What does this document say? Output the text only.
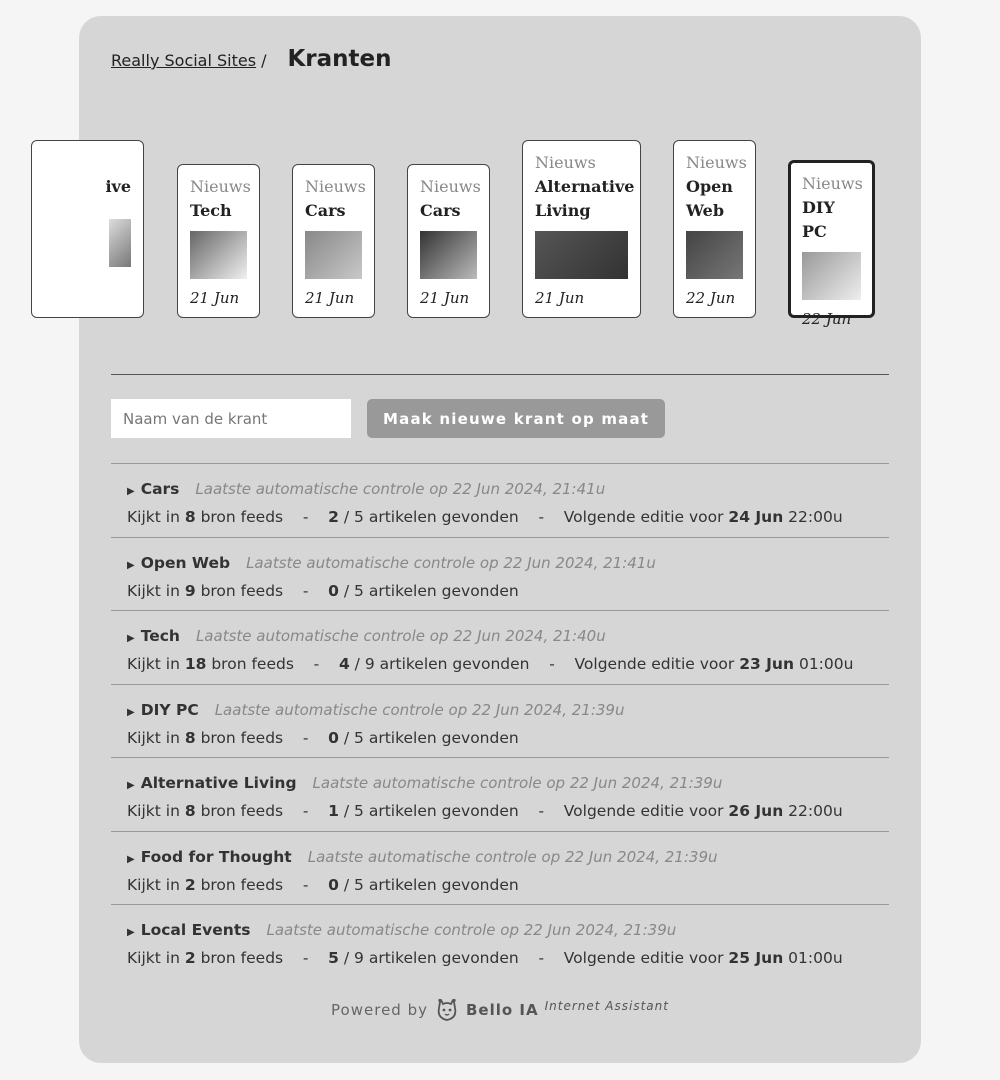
Really Social Sites / Kranten
ive	Nieuws
Tech
21 Jun
Nieuws
Cars
21 Jun
Nieuws
Cars
21 Jun
Nieuws
Alternative Living
21 Jun
Nieuws
Open Web
22 Jun
Nieuws
DIY PC
22 Jun
Naam van de krant
Maak nieuwe krant op maat
▶ Cars Laatste automatische controle op 22 Jun 2024, 21:41u
Kijkt in 8 bron feeds - 2 / 5 artikelen gevonden - Volgende editie voor 24 Jun 22:00u
▶ Open Web Laatste automatische controle op 22 Jun 2024, 21:41u
Kijkt in 9 bron feeds - 0 / 5 artikelen gevonden
▶ Tech Laatste automatische controle op 22 Jun 2024, 21:40u
Kijkt in 18 bron feeds - 4 / 9 artikelen gevonden - Volgende editie voor 23 Jun 01:00u
▶ DIY PC Laatste automatische controle op 22 Jun 2024, 21:39u
Kijkt in 8 bron feeds - 0 / 5 artikelen gevonden
▶ Alternative Living Laatste automatische controle op 22 Jun 2024, 21:39u
Kijkt in 8 bron feeds - 1 / 5 artikelen gevonden - Volgende editie voor 26 Jun 22:00u
▶ Food for Thought Laatste automatische controle op 22 Jun 2024, 21:39u
Kijkt in 2 bron feeds - 0 / 5 artikelen gevonden
▶ Local Events Laatste automatische controle op 22 Jun 2024, 21:39u
Kijkt in 2 bron feeds - 5 / 9 artikelen gevonden - Volgende editie voor 25 Jun 01:00u
Powered by	Bello IA Internet Assistant
